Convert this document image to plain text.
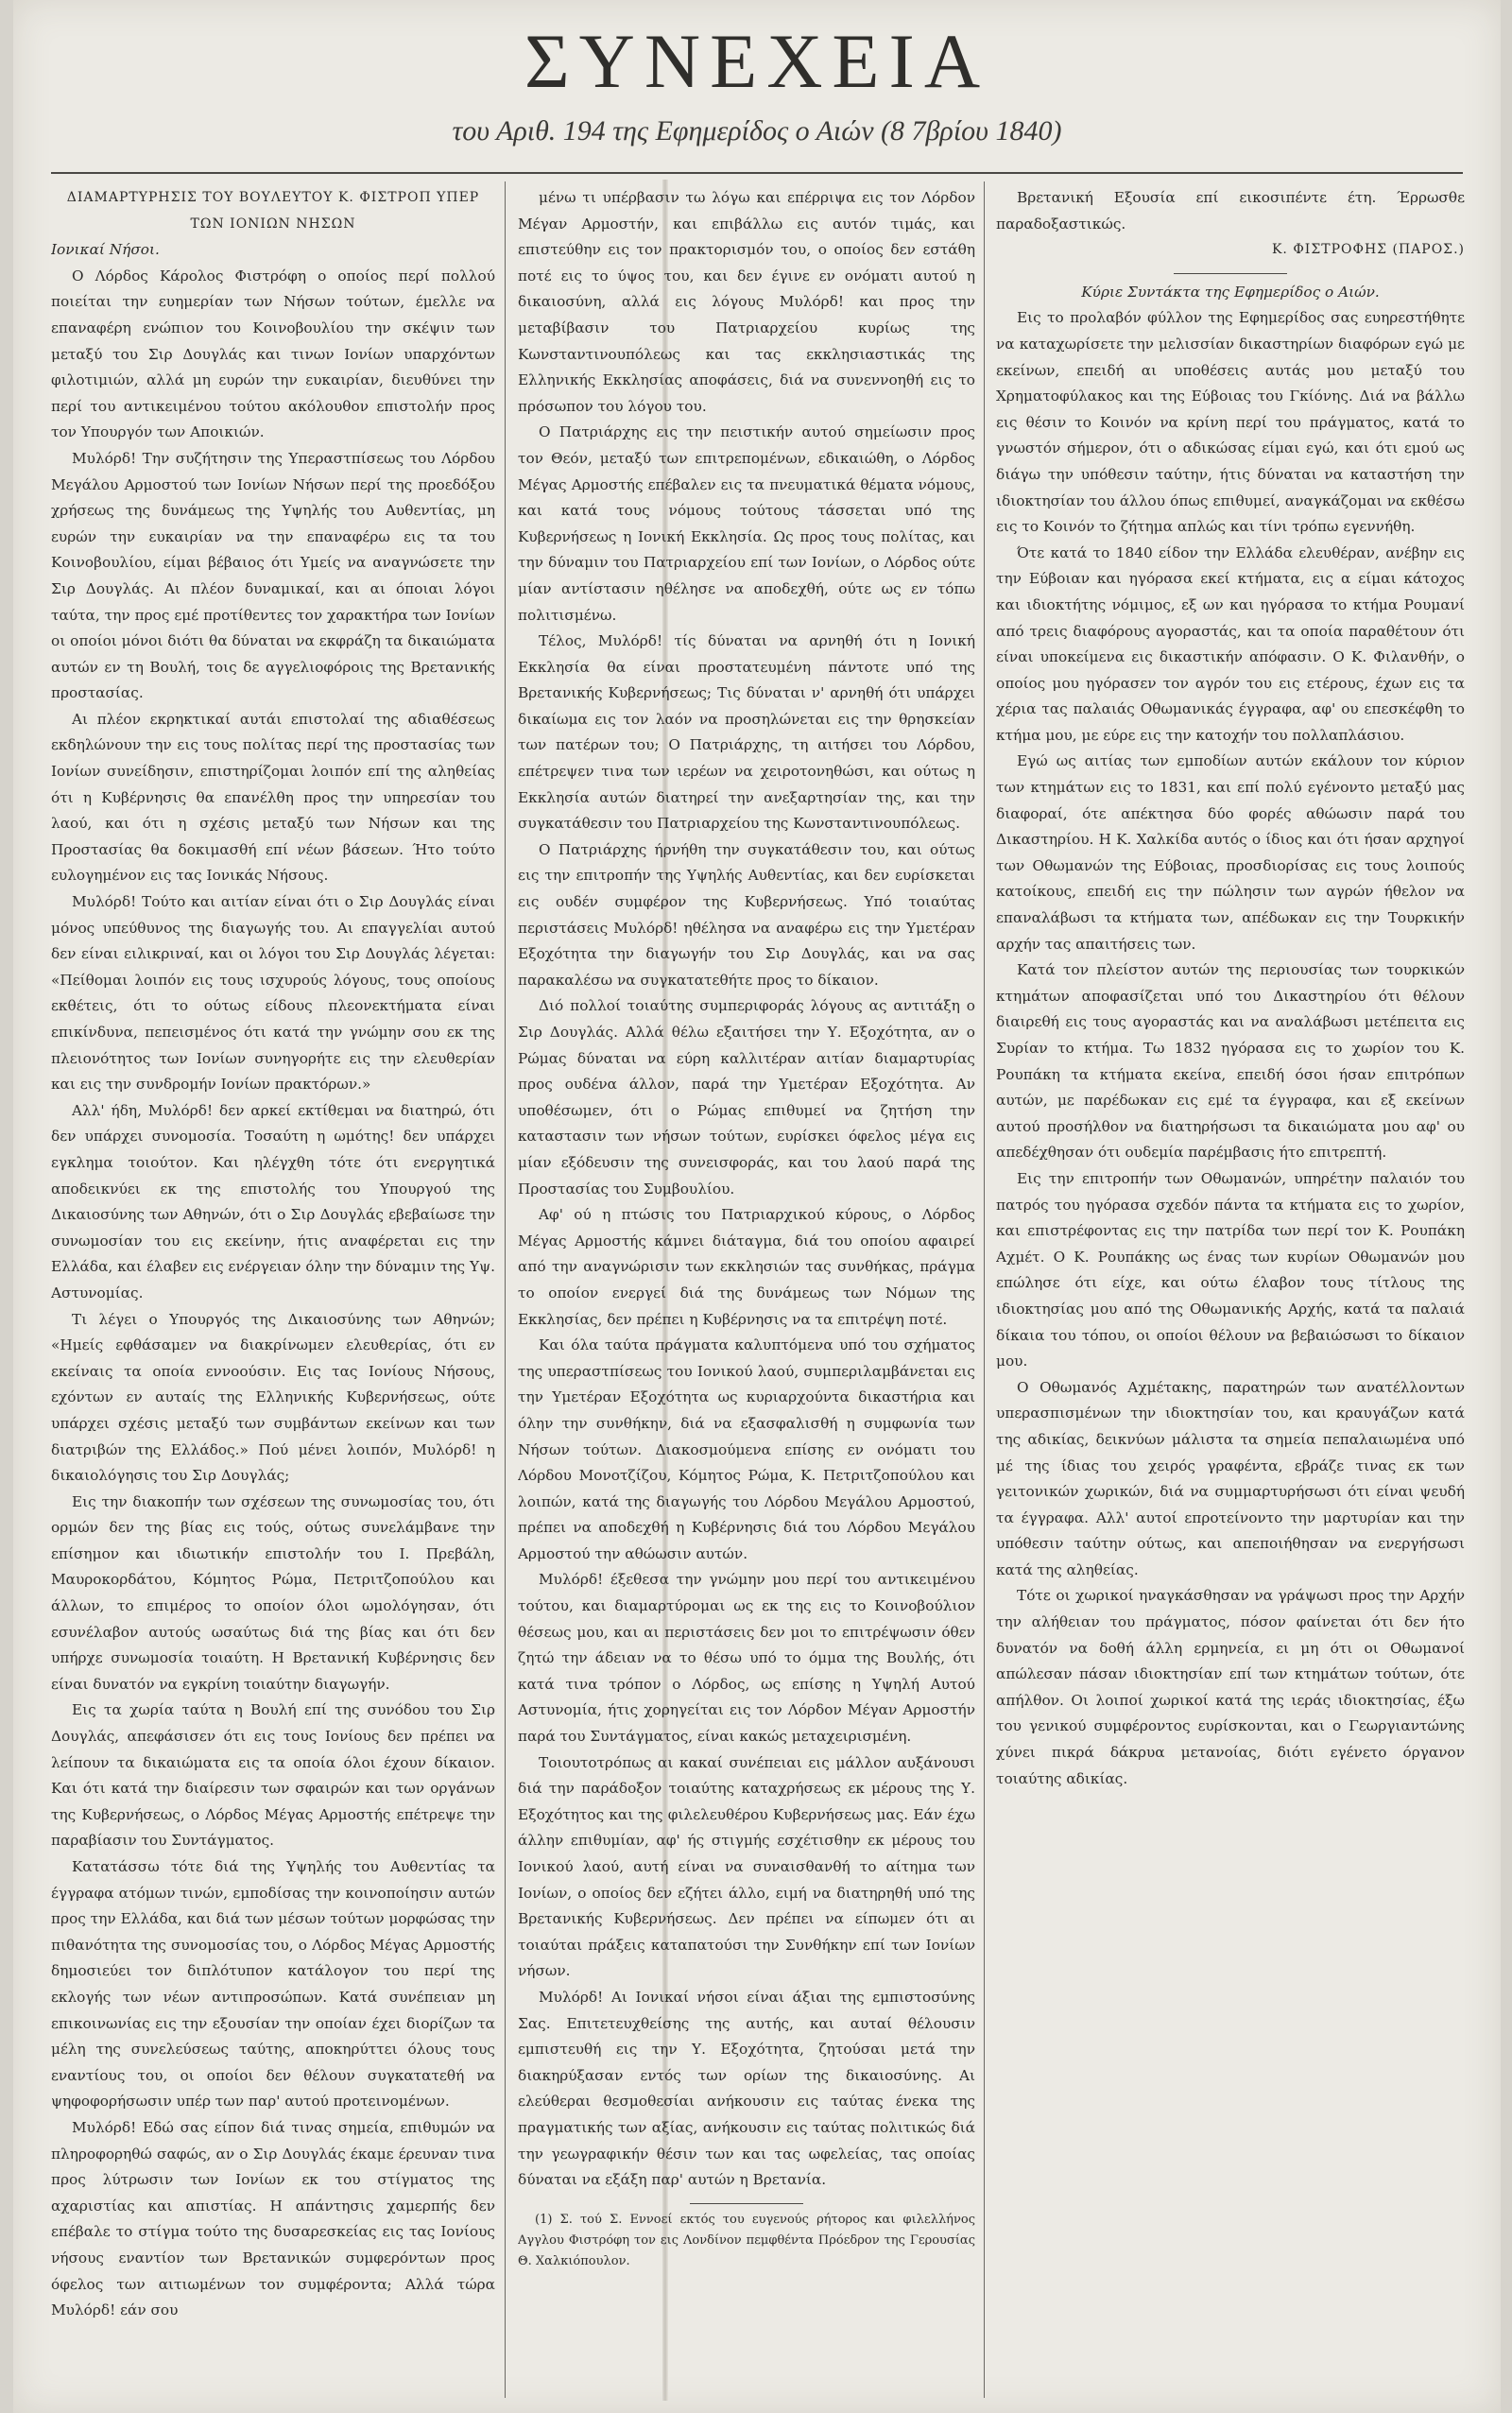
ΣΥΝΕΧΕΙΑ
του Αριθ. 194 της Εφημερίδος ο Αιών (8 7βρίου 1840)

ΔΙΑΜΑΡΤΥΡΗΣΙΣ ΤΟΥ ΒΟΥΛΕΥΤΟΥ Κ. ΦΙΣΤΡΟΠ ΥΠΕΡ ΤΩΝ ΙΟΝΙΩΝ ΝΗΣΩΝ

Ιονικαί Νήσοι.

Ο Λόρδος Κάρολος Φιστρόφη ο οποίος περί πολλού ποιείται την ευημερίαν των Νήσων τούτων, έμελλε να επαναφέρη ενώπιον του Κοινοβουλίου την σκέψιν των μεταξύ του Σιρ Δουγλάς και τινων Ιονίων υπαρχόντων φιλοτιμιών, αλλά μη ευρών την ευκαιρίαν, διευθύνει την περί του αντικειμένου τούτου ακόλουθον επιστολήν προς τον Υπουργόν των Αποικιών.

Μυλόρδ! Την συζήτησιν της Υπεραστπίσεως του Λόρδου Μεγάλου Αρμοστού των Ιονίων Νήσων περί της προεδόξου χρήσεως της δυνάμεως της Υψηλής του Αυθεντίας, μη ευρών την ευκαιρίαν να την επαναφέρω εις τα του Κοινοβουλίου, είμαι βέβαιος ότι Υμείς να αναγνώσετε την Σιρ Δουγλάς. Αι πλέον δυναμικαί, και αι όποιαι λόγοι ταύτα, την προς εμέ προτίθεντες τον χαρακτήρα των Ιονίων οι οποίοι μόνοι διότι θα δύναται να εκφράζη τα δικαιώματα αυτών εν τη Βουλή, τοις δε αγγελιοφόροις της Βρετανικής προστασίας.

Αι πλέον εκρηκτικαί αυτάι επιστολαί της αδιαθέσεως εκδηλώνουν την εις τους πολίτας περί της προστασίας των Ιονίων συνείδησιν, επιστηρίζομαι λοιπόν επί της αληθείας ότι η Κυβέρνησις θα επανέλθη προς την υπηρεσίαν του λαού, και ότι η σχέσις μεταξύ των Νήσων και της Προστασίας θα δοκιμασθή επί νέων βάσεων. Ήτο τούτο ευλογημένον εις τας Ιονικάς Νήσους.

Μυλόρδ! Τούτο και αιτίαν είναι ότι ο Σιρ Δουγλάς είναι μόνος υπεύθυνος της διαγωγής του. Αι επαγγελίαι αυτού δεν είναι ειλικριναί, και οι λόγοι του Σιρ Δουγλάς λέγεται: «Πείθομαι λοιπόν εις τους ισχυρούς λόγους, τους οποίους εκθέτεις, ότι το ούτως είδους πλεονεκτήματα είναι επικίνδυνα, πεπεισμένος ότι κατά την γνώμην σου εκ της πλειονότητος των Ιονίων συνηγορήτε εις την ελευθερίαν και εις την συνδρομήν Ιονίων πρακτόρων.»

Αλλ' ήδη, Μυλόρδ! δεν αρκεί εκτίθεμαι να διατηρώ, ότι δεν υπάρχει συνομοσία. Τοσαύτη η ωμότης! δεν υπάρχει εγκλημα τοιούτον. Και ηλέγχθη τότε ότι ενεργητικά αποδεικνύει εκ της επιστολής του Υπουργού της Δικαιοσύνης των Αθηνών, ότι ο Σιρ Δουγλάς εβεβαίωσε την συνωμοσίαν του εις εκείνην, ήτις αναφέρεται εις την Ελλάδα, και έλαβεν εις ενέργειαν όλην την δύναμιν της Υψ. Αστυνομίας.

Τι λέγει ο Υπουργός της Δικαιοσύνης των Αθηνών; «Ημείς εφθάσαμεν να διακρίνωμεν ελευθερίας, ότι εν εκείναις τα οποία εννοούσιν. Εις τας Ιονίους Νήσους, εχόντων εν αυταίς της Ελληνικής Κυβερνήσεως, ούτε υπάρχει σχέσις μεταξύ των συμβάντων εκείνων και των διατριβών της Ελλάδος.» Πού μένει λοιπόν, Μυλόρδ! η δικαιολόγησις του Σιρ Δουγλάς;

Εις την διακοπήν των σχέσεων της συνωμοσίας του, ότι ορμών δεν της βίας εις τούς, ούτως συνελάμβανε την επίσημον και ιδιωτικήν επιστολήν του Ι. Πρεβάλη, Μαυροκορδάτου, Κόμητος Ρώμα, Πετριτζοπούλου και άλλων, το επιμέρος το οποίον όλοι ωμολόγησαν, ότι εσυνέλαβον αυτούς ωσαύτως διά της βίας και ότι δεν υπήρχε συνωμοσία τοιαύτη. Η Βρετανική Κυβέρνησις δεν είναι δυνατόν να εγκρίνη τοιαύτην διαγωγήν.

Εις τα χωρία ταύτα η Βουλή επί της συνόδου του Σιρ Δουγλάς, απεφάσισεν ότι εις τους Ιονίους δεν πρέπει να λείπουν τα δικαιώματα εις τα οποία όλοι έχουν δίκαιον. Και ότι κατά την διαίρεσιν των σφαιρών και των οργάνων της Κυβερνήσεως, ο Λόρδος Μέγας Αρμοστής επέτρεψε την παραβίασιν του Συντάγματος.

Κατατάσσω τότε διά της Υψηλής του Αυθεντίας τα έγγραφα ατόμων τινών, εμποδίσας την κοινοποίησιν αυτών προς την Ελλάδα, και διά των μέσων τούτων μορφώσας την πιθανότητα της συνομοσίας του, ο Λόρδος Μέγας Αρμοστής δημοσιεύει τον διπλότυπον κατάλογον του περί της εκλογής των νέων αντιπροσώπων. Κατά συνέπειαν μη επικοινωνίας εις την εξουσίαν την οποίαν έχει διορίζων τα μέλη της συνελεύσεως ταύτης, αποκηρύττει όλους τους εναντίους του, οι οποίοι δεν θέλουν συγκατατεθή να ψηφοφορήσωσιν υπέρ των παρ' αυτού προτεινομένων.

Μυλόρδ! Εδώ σας είπον διά τινας σημεία, επιθυμών να πληροφορηθώ σαφώς, αν ο Σιρ Δουγλάς έκαμε έρευναν τινα προς λύτρωσιν των Ιονίων εκ του στίγματος της αχαριστίας και απιστίας. Η απάντησις χαμερπής δεν επέβαλε το στίγμα τούτο της δυσαρεσκείας εις τας Ιονίους νήσους εναντίον των Βρετανικών συμφερόντων προς όφελος των αιτιωμένων τον συμφέροντα; Αλλά τώρα Μυλόρδ! εάν σου

μένω τι υπέρβασιν τω λόγω και επέρριψα εις τον Λόρδον Μέγαν Αρμοστήν, και επιβάλλω εις αυτόν τιμάς, και επιστεύθην εις τον πρακτορισμόν του, ο οποίος δεν εστάθη ποτέ εις το ύψος του, και δεν έγινε εν ονόματι αυτού η δικαιοσύνη, αλλά εις λόγους Μυλόρδ! και προς την μεταβίβασιν του Πατριαρχείου κυρίως της Κωνσταντινουπόλεως και τας εκκλησιαστικάς της Ελληνικής Εκκλησίας αποφάσεις, διά να συνεννοηθή εις το πρόσωπον του λόγου του.

Ο Πατριάρχης εις την πειστικήν αυτού σημείωσιν προς τον Θεόν, μεταξύ των επιτρεπομένων, εδικαιώθη, ο Λόρδος Μέγας Αρμοστής επέβαλεν εις τα πνευματικά θέματα νόμους, και κατά τους νόμους τούτους τάσσεται υπό της Κυβερνήσεως η Ιονική Εκκλησία. Ως προς τους πολίτας, και την δύναμιν του Πατριαρχείου επί των Ιονίων, ο Λόρδος ούτε μίαν αντίστασιν ηθέλησε να αποδεχθή, ούτε ως εν τόπω πολιτισμένω.

Τέλος, Μυλόρδ! τίς δύναται να αρνηθή ότι η Ιονική Εκκλησία θα είναι προστατευμένη πάντοτε υπό της Βρετανικής Κυβερνήσεως; Τις δύναται ν' αρνηθή ότι υπάρχει δικαίωμα εις τον λαόν να προσηλώνεται εις την θρησκείαν των πατέρων του; Ο Πατριάρχης, τη αιτήσει του Λόρδου, επέτρεψεν τινα των ιερέων να χειροτονηθώσι, και ούτως η Εκκλησία αυτών διατηρεί την ανεξαρτησίαν της, και την συγκατάθεσιν του Πατριαρχείου της Κωνσταντινουπόλεως.

Ο Πατριάρχης ήρνήθη την συγκατάθεσιν του, και ούτως εις την επιτροπήν της Υψηλής Αυθεντίας, και δεν ευρίσκεται εις ουδέν συμφέρον της Κυβερνήσεως. Υπό τοιαύτας περιστάσεις Μυλόρδ! ηθέλησα να αναφέρω εις την Υμετέραν Εξοχότητα την διαγωγήν του Σιρ Δουγλάς, και να σας παρακαλέσω να συγκατατεθήτε προς το δίκαιον.

Διό πολλοί τοιαύτης συμπεριφοράς λόγους ας αντιτάξη ο Σιρ Δουγλάς. Αλλά θέλω εξαιτήσει την Υ. Εξοχότητα, αν ο Ρώμας δύναται να εύρη καλλιτέραν αιτίαν διαμαρτυρίας προς ουδένα άλλον, παρά την Υμετέραν Εξοχότητα. Αν υποθέσωμεν, ότι ο Ρώμας επιθυμεί να ζητήση την καταστασιν των νήσων τούτων, ευρίσκει όφελος μέγα εις μίαν εξόδευσιν της συνεισφοράς, και του λαού παρά της Προστασίας του Συμβουλίου.

Αφ' ού η πτώσις του Πατριαρχικού κύρους, ο Λόρδος Μέγας Αρμοστής κάμνει διάταγμα, διά του οποίου αφαιρεί από την αναγνώρισιν των εκκλησιών τας συνθήκας, πράγμα το οποίον ενεργεί διά της δυνάμεως των Νόμων της Εκκλησίας, δεν πρέπει η Κυβέρνησις να τα επιτρέψη ποτέ.

Και όλα ταύτα πράγματα καλυπτόμενα υπό του σχήματος της υπεραστπίσεως του Ιονικού λαού, συμπεριλαμβάνεται εις την Υμετέραν Εξοχότητα ως κυριαρχούντα δικαστήρια και όλην την συνθήκην, διά να εξασφαλισθή η συμφωνία των Νήσων τούτων. Διακοσμούμενα επίσης εν ονόματι του Λόρδου Μονοτζίζου, Κόμητος Ρώμα, Κ. Πετριτζοπούλου και λοιπών, κατά της διαγωγής του Λόρδου Μεγάλου Αρμοστού, πρέπει να αποδεχθή η Κυβέρνησις διά του Λόρδου Μεγάλου Αρμοστού την αθώωσιν αυτών.

Μυλόρδ! έξεθεσα την γνώμην μου περί του αντικειμένου τούτου, και διαμαρτύρομαι ως εκ της εις το Κοινοβούλιον θέσεως μου, και αι περιστάσεις δεν μοι το επιτρέψωσιν όθεν ζητώ την άδειαν να το θέσω υπό το όμμα της Βουλής, ότι κατά τινα τρόπον ο Λόρδος, ως επίσης η Υψηλή Αυτού Αστυνομία, ήτις χορηγείται εις τον Λόρδον Μέγαν Αρμοστήν παρά του Συντάγματος, είναι κακώς μεταχειρισμένη.

Τοιουτοτρόπως αι κακαί συνέπειαι εις μάλλον αυξάνουσι διά την παράδοξον τοιαύτης καταχρήσεως εκ μέρους της Υ. Εξοχότητος και της φιλελευθέρου Κυβερνήσεως μας. Εάν έχω άλλην επιθυμίαν, αφ' ής στιγμής εσχέτισθην εκ μέρους του Ιονικού λαού, αυτή είναι να συναισθανθή το αίτημα των Ιονίων, ο οποίος δεν εζήτει άλλο, ειμή να διατηρηθή υπό της Βρετανικής Κυβερνήσεως. Δεν πρέπει να είπωμεν ότι αι τοιαύται πράξεις καταπατούσι την Συνθήκην επί των Ιονίων νήσων.

Μυλόρδ! Αι Ιονικαί νήσοι είναι άξιαι της εμπιστοσύνης Σας. Επιτετευχθείσης της αυτής, και αυταί θέλουσιν εμπιστευθή εις την Υ. Εξοχότητα, ζητούσαι μετά την διακηρύξασαν εντός των ορίων της δικαιοσύνης. Αι ελεύθεραι θεσμοθεσίαι ανήκουσιν εις ταύτας ένεκα της πραγματικής των αξίας, ανήκουσιν εις ταύτας πολιτικώς διά την γεωγραφικήν θέσιν των και τας ωφελείας, τας οποίας δύναται να εξάξη παρ' αυτών η Βρετανία.

(1) Σ. τού Σ. Εννοεί εκτός του ευγενούς ρήτορος και φιλελλήνος Αγγλου Φιστρόφη τον εις Λονδίνον πεμφθέντα Πρόεδρον της Γερουσίας Θ. Χαλκιόπουλον.

Βρετανική Εξουσία επί εικοσιπέντε έτη. Έρρωσθε παραδοξαστικώς.

Κ. ΦΙΣΤΡΟΦΗΣ (ΠΑΡΟΣ.)

Κύριε Συντάκτα της Εφημερίδος ο Αιών.

Εις το προλαβόν φύλλον της Εφημερίδος σας ευηρεστήθητε να καταχωρίσετε την μελισσίαν δικαστηρίων διαφόρων εγώ με εκείνων, επειδή αι υποθέσεις αυτάς μου μεταξύ του Χρηματοφύλακος και της Εύβοιας του Γκίόνης. Διά να βάλλω εις θέσιν το Κοινόν να κρίνη περί του πράγματος, κατά το γνωστόν σήμερον, ότι ο αδικώσας είμαι εγώ, και ότι εμού ως διάγω την υπόθεσιν ταύτην, ήτις δύναται να καταστήση την ιδιοκτησίαν του άλλου όπως επιθυμεί, αναγκάζομαι να εκθέσω εις το Κοινόν το ζήτημα απλώς και τίνι τρόπω εγεννήθη.

Ότε κατά το 1840 είδον την Ελλάδα ελευθέραν, ανέβην εις την Εύβοιαν και ηγόρασα εκεί κτήματα, εις α είμαι κάτοχος και ιδιοκτήτης νόμιμος, εξ ων και ηγόρασα το κτήμα Ρουμανί από τρεις διαφόρους αγοραστάς, και τα οποία παραθέτουν ότι είναι υποκείμενα εις δικαστικήν απόφασιν. Ο Κ. Φιλανθήν, ο οποίος μου ηγόρασεν τον αγρόν του εις ετέρους, έχων εις τα χέρια τας παλαιάς Οθωμανικάς έγγραφα, αφ' ου επεσκέφθη το κτήμα μου, με εύρε εις την κατοχήν του πολλαπλάσιου.

Εγώ ως αιτίας των εμποδίων αυτών εκάλουν τον κύριον των κτημάτων εις το 1831, και επί πολύ εγένοντο μεταξύ μας διαφοραί, ότε απέκτησα δύο φορές αθώωσιν παρά του Δικαστηρίου. Η Κ. Χαλκίδα αυτός ο ίδιος και ότι ήσαν αρχηγοί των Οθωμανών της Εύβοιας, προσδιορίσας εις τους λοιπούς κατοίκους, επειδή εις την πώλησιν των αγρών ήθελον να επαναλάβωσι τα κτήματα των, απέδωκαν εις την Τουρκικήν αρχήν τας απαιτήσεις των.

Κατά τον πλείστον αυτών της περιουσίας των τουρκικών κτημάτων αποφασίζεται υπό του Δικαστηρίου ότι θέλουν διαιρεθή εις τους αγοραστάς και να αναλάβωσι μετέπειτα εις Συρίαν το κτήμα. Τω 1832 ηγόρασα εις το χωρίον του Κ. Ρουπάκη τα κτήματα εκείνα, επειδή όσοι ήσαν επιτρόπων αυτών, με παρέδωκαν εις εμέ τα έγγραφα, και εξ εκείνων αυτού προσήλθον να διατηρήσωσι τα δικαιώματα μου αφ' ου απεδέχθησαν ότι ουδεμία παρέμβασις ήτο επιτρεπτή.

Εις την επιτροπήν των Οθωμανών, υπηρέτην παλαιόν του πατρός του ηγόρασα σχεδόν πάντα τα κτήματα εις το χωρίον, και επιστρέφοντας εις την πατρίδα των περί τον Κ. Ρουπάκη Αχμέτ. Ο Κ. Ρουπάκης ως ένας των κυρίων Οθωμανών μου επώλησε ότι είχε, και ούτω έλαβον τους τίτλους της ιδιοκτησίας μου από της Οθωμανικής Αρχής, κατά τα παλαιά δίκαια του τόπου, οι οποίοι θέλουν να βεβαιώσωσι το δίκαιον μου.

Ο Οθωμανός Αχμέτακης, παρατηρών των ανατέλλοντων υπερασπισμένων την ιδιοκτησίαν του, και κραυγάζων κατά της αδικίας, δεικνύων μάλιστα τα σημεία πεπαλαιωμένα υπό μέ της ίδιας του χειρός γραφέντα, εβράζε τινας εκ των γειτονικών χωρικών, διά να συμμαρτυρήσωσι ότι είναι ψευδή τα έγγραφα. Αλλ' αυτοί επροτείνοντο την μαρτυρίαν και την υπόθεσιν ταύτην ούτως, και απεποιήθησαν να ενεργήσωσι κατά της αληθείας.

Τότε οι χωρικοί ηναγκάσθησαν να γράψωσι προς την Αρχήν την αλήθειαν του πράγματος, πόσον φαίνεται ότι δεν ήτο δυνατόν να δοθή άλλη ερμηνεία, ει μη ότι οι Οθωμανοί απώλεσαν πάσαν ιδιοκτησίαν επί των κτημάτων τούτων, ότε απήλθον. Οι λοιποί χωρικοί κατά της ιεράς ιδιοκτησίας, έξω του γενικού συμφέροντος ευρίσκονται, και ο Γεωργιαντώνης χύνει πικρά δάκρυα μετανοίας, διότι εγένετο όργανον τοιαύτης αδικίας.
